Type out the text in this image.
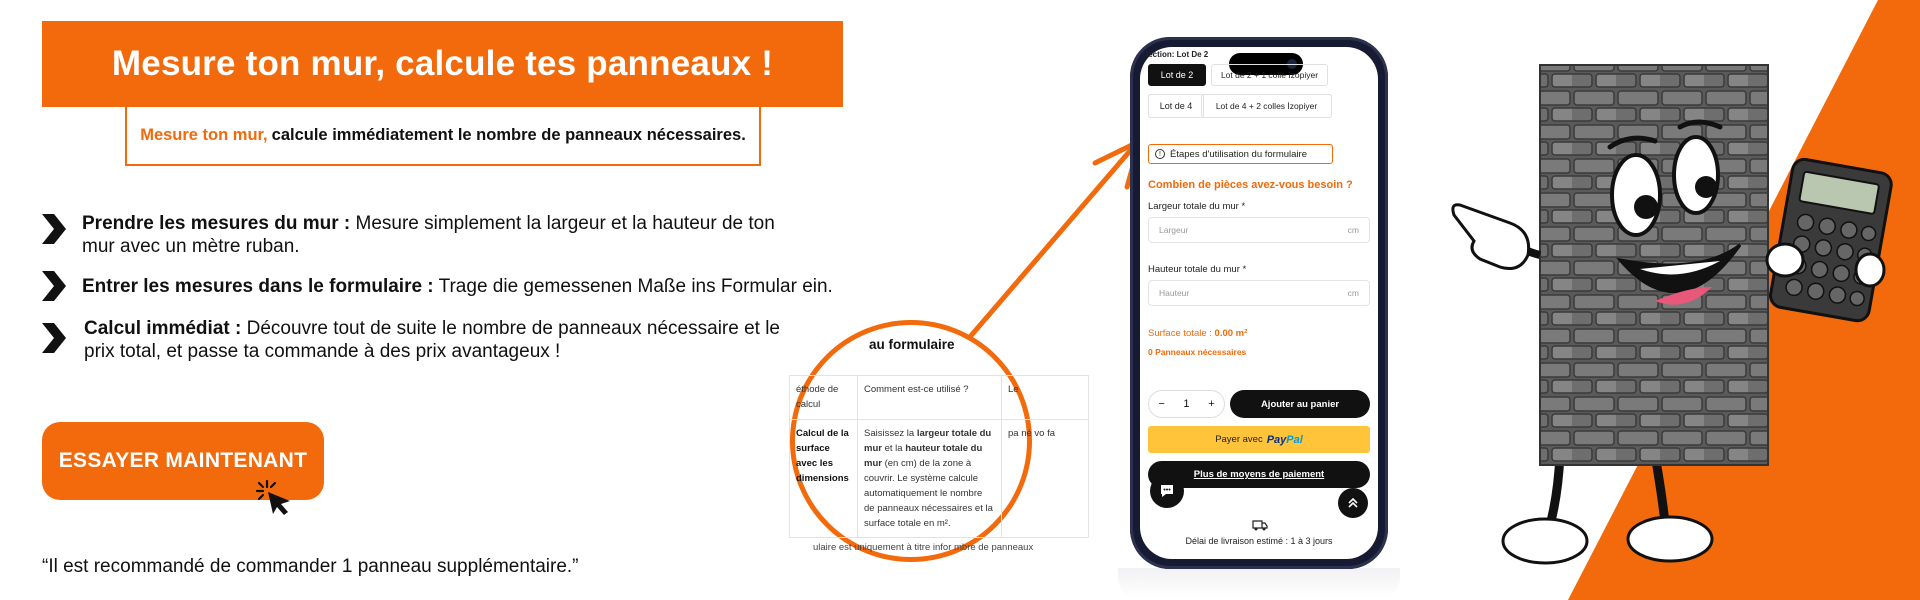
Mesure ton mur, calcule tes panneaux !
Mesure ton mur, calcule immédiatement le nombre de panneaux nécessaires.
Prendre les mesures du mur : Mesure simplement la largeur et la hauteur de ton mur avec un mètre ruban.
Entrer les mesures dans le formulaire : Trage die gemessenen Maße ins Formular ein.
Calcul immédiat : Découvre tout de suite le nombre de panneaux nécessaire et le prix total, et passe ta commande à des prix avantageux !
ESSAYER MAINTENANT
“Il est recommandé de commander 1 panneau supplémentaire.”
au formulaire
éthode de calcul	Comment est-ce utilisé ?	Le
Calcul de la surface avec les dimensions	Saisissez la largeur totale du mur et la hauteur totale du mur (en cm) de la zone à couvrir. Le système calcule automatiquement le nombre de panneaux nécessaires et la surface totale en m².	pa né vo fa
ulaire est uniquement à titre infor mbre de panneaux
lection: Lot De 2
Lot de 2	Lot de 2 + 1 colle İzopiyer
Lot de 4	Lot de 4 + 2 colles İzopiyer
! Étapes d'utilisation du formulaire
Combien de pièces avez-vous besoin ?
Largeur totale du mur *
Largeur	cm
Hauteur totale du mur *
Hauteur	cm
Surface totale : 0.00 m²
0 Panneaux nécessaires
− 1 +	Ajouter au panier
Payer avec Pay Pal
Plus de moyens de paiement
Délai de livraison estimé : 1 à 3 jours
